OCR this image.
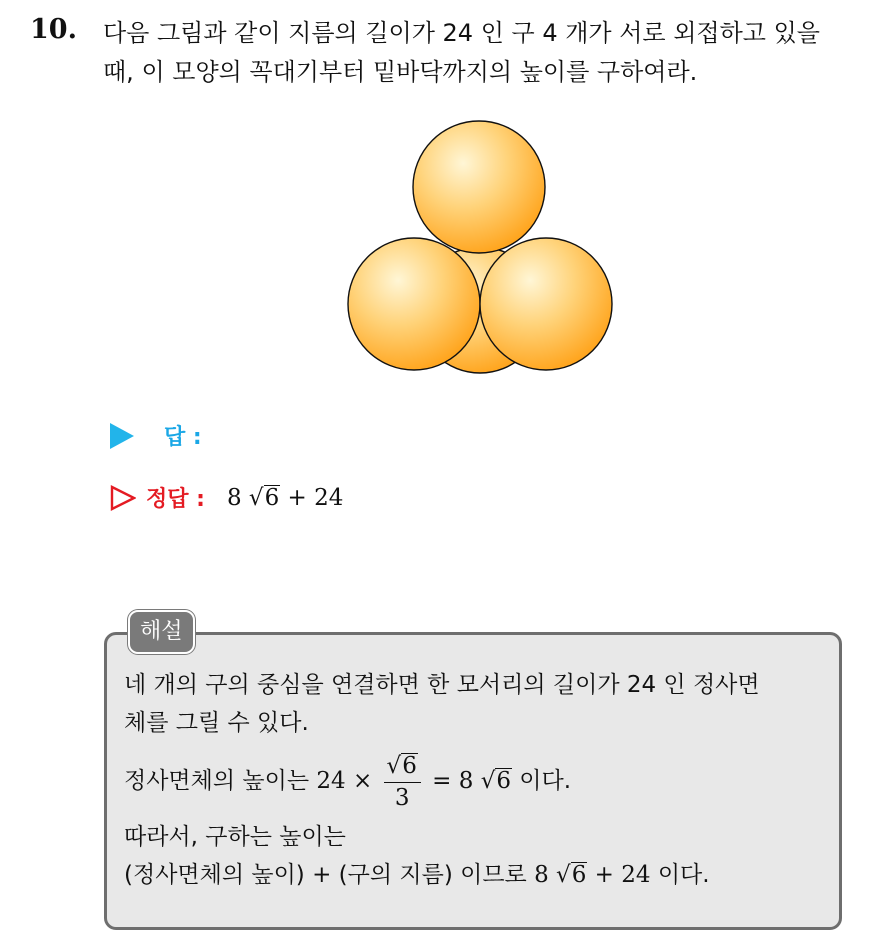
10. 다음 그림과 같이 지름의 길이가 24 인 구 4 개가 서로 외접하고 있을
때, 이 모양의 꼭대기부터 밑바닥까지의 높이를 구하여라.
답 :
정답 : 8 √6 + 24
해설
네 개의 구의 중심을 연결하면 한 모서리의 길이가 24 인 정사면
체를 그릴 수 있다.
정사면체의 높이는 $24 \times \frac{√6}{3} = 8$ √6 이다.
따라서, 구하는 높이는
(정사면체의 높이) + (구의 지름) 이므로 8 √6 + 24 이다.
